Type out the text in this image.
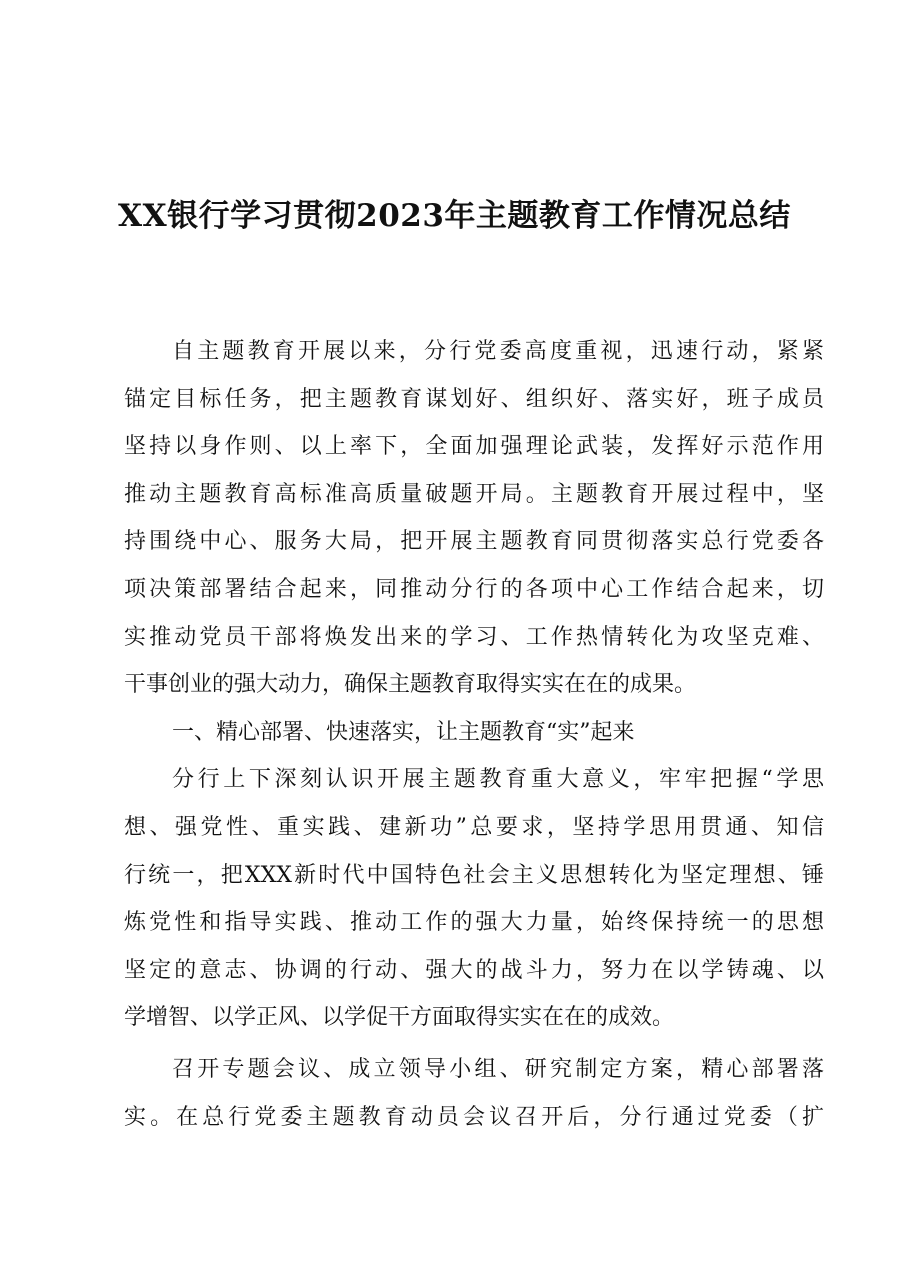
XX银行学习贯彻2023年主题教育工作情况总结
自主题教育开展以来，分行党委高度重视，迅速行动，紧紧
锚定目标任务，把主题教育谋划好、组织好、落实好，班子成员
坚持以身作则、以上率下，全面加强理论武装，发挥好示范作用
推动主题教育高标准高质量破题开局。主题教育开展过程中，坚
持围绕中心、服务大局，把开展主题教育同贯彻落实总行党委各
项决策部署结合起来，同推动分行的各项中心工作结合起来，切
实推动党员干部将焕发出来的学习、工作热情转化为攻坚克难、
干事创业的强大动力，确保主题教育取得实实在在的成果。
一、精心部署、快速落实，让主题教育“实”起来
分行上下深刻认识开展主题教育重大意义，牢牢把握“学思
想、强党性、重实践、建新功”总要求，坚持学思用贯通、知信
行统一，把XXX新时代中国特色社会主义思想转化为坚定理想、锤
炼党性和指导实践、推动工作的强大力量，始终保持统一的思想
坚定的意志、协调的行动、强大的战斗力，努力在以学铸魂、以
学增智、以学正风、以学促干方面取得实实在在的成效。
召开专题会议、成立领导小组、研究制定方案，精心部署落
实。在总行党委主题教育动员会议召开后，分行通过党委（扩
